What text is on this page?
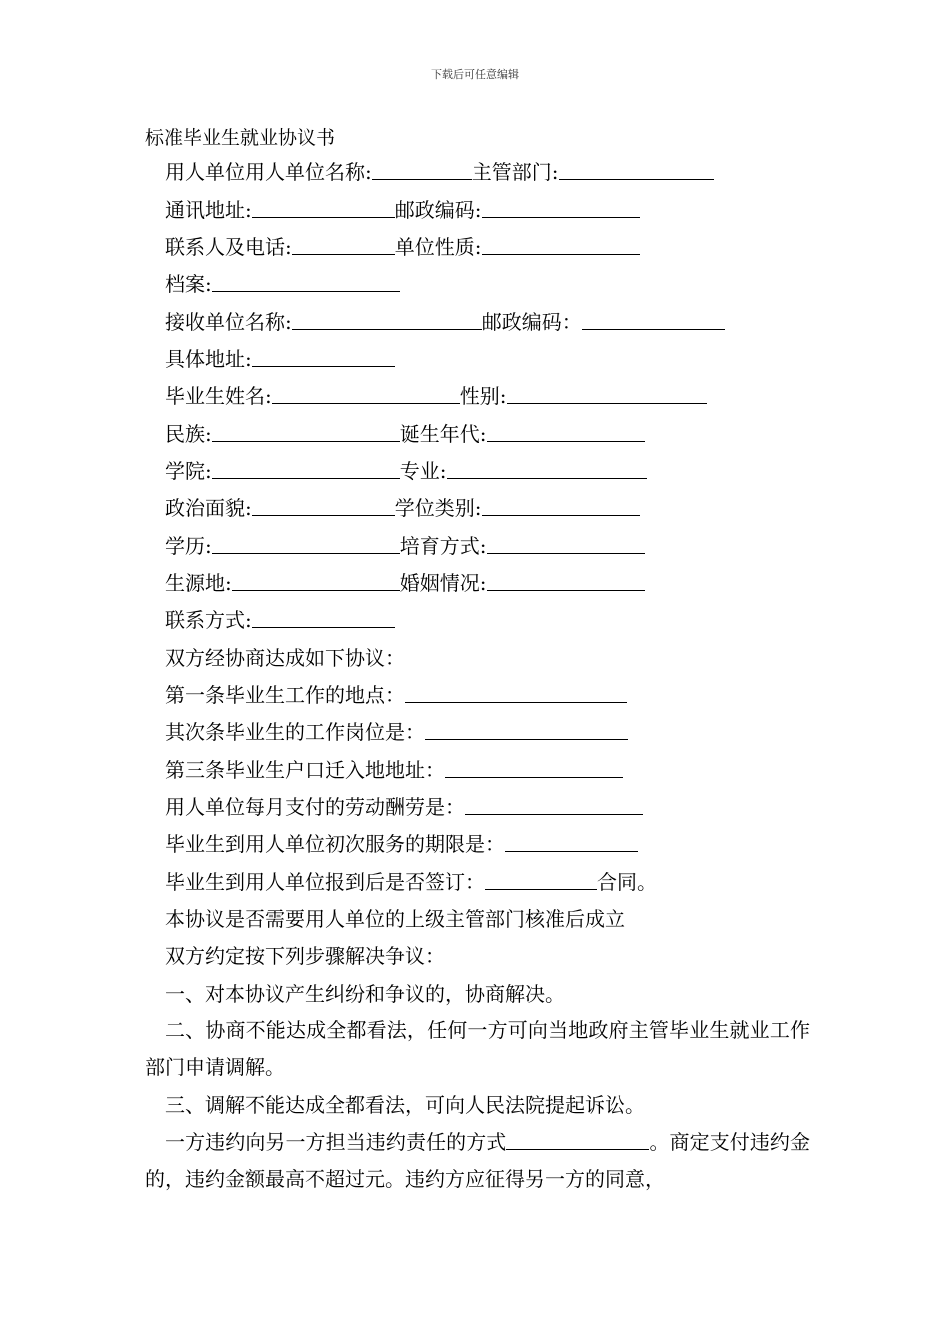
下载后可任意编辑
标准毕业生就业协议书
用人单位用人单位名称:	主管部门:
通讯地址:	邮政编码:
联系人及电话:	单位性质:
档案:
接收单位名称:	邮政编码：
具体地址:
毕业生姓名:	性别:
民族:	诞生年代:
学院:	专业:
政治面貌:	学位类别:
学历:	培育方式:
生源地:	婚姻情况:
联系方式:
双方经协商达成如下协议：
第一条毕业生工作的地点：
其次条毕业生的工作岗位是：
第三条毕业生户口迁入地地址：
用人单位每月支付的劳动酬劳是：
毕业生到用人单位初次服务的期限是：
毕业生到用人单位报到后是否签订：	合同。
本协议是否需要用人单位的上级主管部门核准后成立
双方约定按下列步骤解决争议：
一、对本协议产生纠纷和争议的，协商解决。
二、协商不能达成全都看法，任何一方可向当地政府主管毕业生就业工作部门申请调解。
三、调解不能达成全都看法，可向人民法院提起诉讼。
一方违约向另一方担当违约责任的方式	。商定支付违约金的，违约金额最高不超过元。违约方应征得另一方的同意，
